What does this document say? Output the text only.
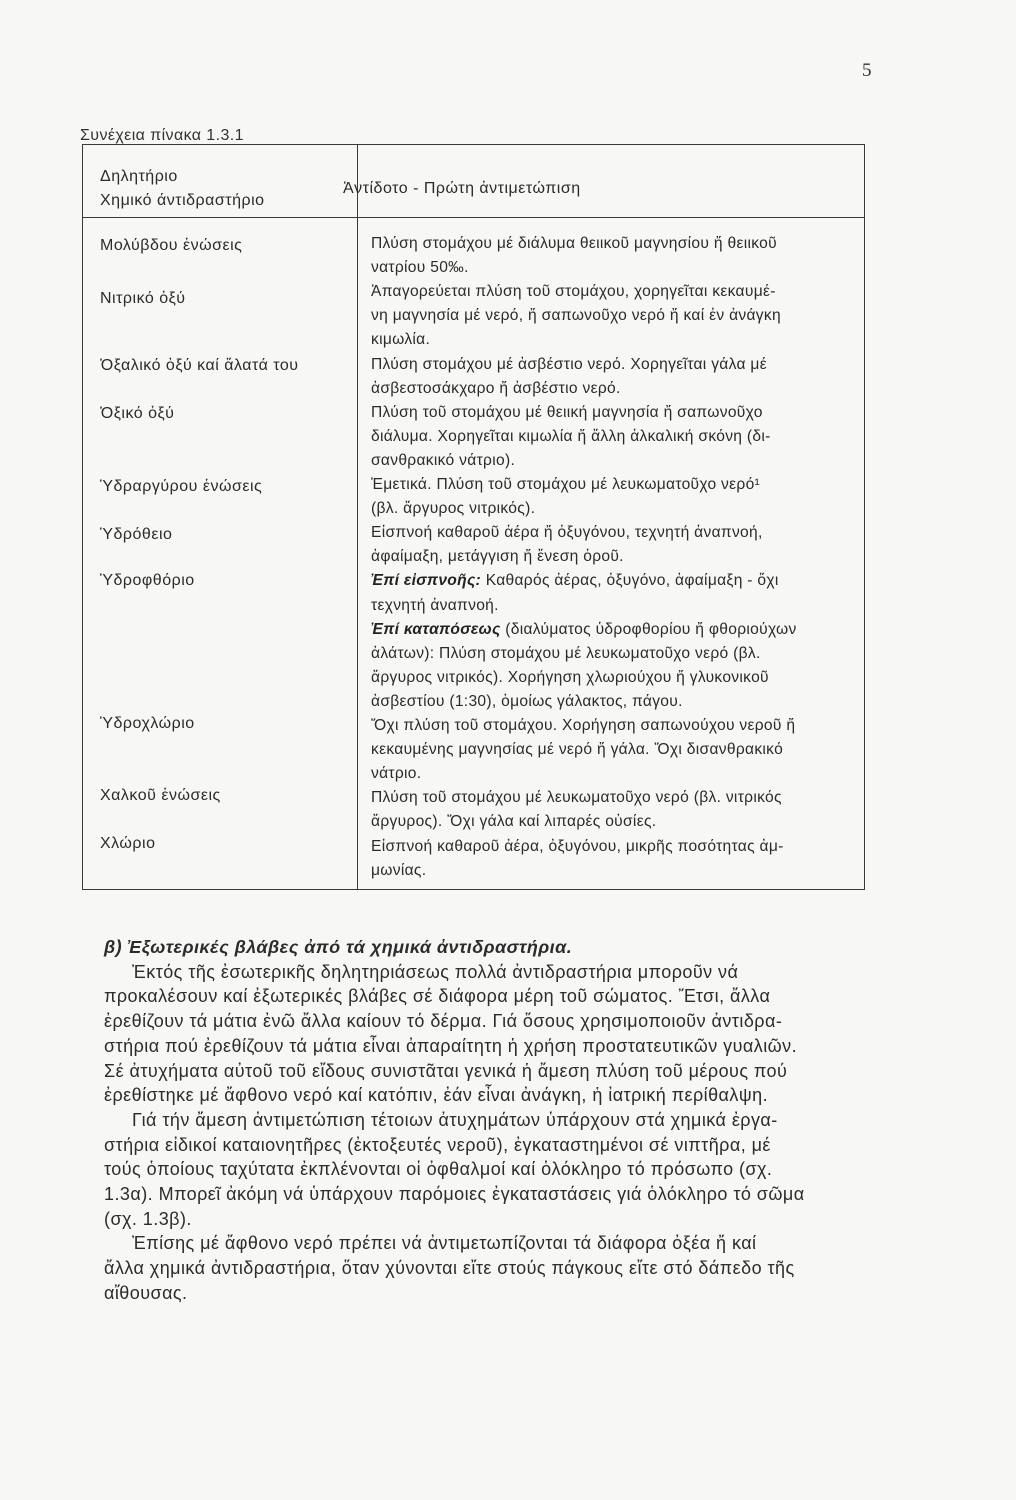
5
Συνέχεια πίνακα 1.3.1
Δηλητήριο
Χημικό άντιδραστήριο
Ἀντίδοτο - Πρώτη ἀντιμετώπιση
Μολύβδου ἑνώσεις
Νιτρικό ὀξύ
Ὀξαλικό ὀξύ καί ἅλατά του
Ὀξικό ὀξύ
Ὑδραργύρου ἑνώσεις
Ὑδρόθειο
Ὑδροφθόριο
Ὑδροχλώριο
Χαλκοῦ ἑνώσεις
Χλώριο
Πλύση στομάχου μέ διάλυμα θειικοῦ μαγνησίου ἤ θειικοῦ
νατρίου 50‰.
Ἀπαγορεύεται πλύση τοῦ στομάχου, χορηγεῖται κεκαυμέ-
νη μαγνησία μέ νερό, ἤ σαπωνοῦχο νερό ἤ καί ἐν ἀνάγκη
κιμωλία.
Πλύση στομάχου μέ ἀσβέστιο νερό. Χορηγεῖται γάλα μέ
ἀσβεστοσάκχαρο ἤ ἀσβέστιο νερό.
Πλύση τοῦ στομάχου μέ θειική μαγνησία ἤ σαπωνοῦχο
διάλυμα. Χορηγεῖται κιμωλία ἤ ἄλλη ἀλκαλική σκόνη (δι-
σανθρακικό νάτριο).
Ἐμετικά. Πλύση τοῦ στομάχου μέ λευκωματοῦχο νερό¹
(βλ. ἄργυρος νιτρικός).
Εἰσπνοή καθαροῦ ἀέρα ἤ ὀξυγόνου, τεχνητή ἀναπνοή,
ἀφαίμαξη, μετάγγιση ἤ ἔνεση ὀροῦ.
Ἐπί εἰσπνοῆς: Καθαρός ἀέρας, ὀξυγόνο, ἀφαίμαξη - ὄχι
τεχνητή ἀναπνοή.
Ἐπί καταπόσεως (διαλύματος ὑδροφθορίου ἤ φθοριούχων
ἀλάτων): Πλύση στομάχου μέ λευκωματοῦχο νερό (βλ.
ἄργυρος νιτρικός). Χορήγηση χλωριούχου ἤ γλυκονικοῦ
ἀσβεστίου (1:30), ὁμοίως γάλακτος, πάγου.
Ὄχι πλύση τοῦ στομάχου. Χορήγηση σαπωνούχου νεροῦ ἤ
κεκαυμένης μαγνησίας μέ νερό ἤ γάλα. Ὄχι δισανθρακικό
νάτριο.
Πλύση τοῦ στομάχου μέ λευκωματοῦχο νερό (βλ. νιτρικός
ἄργυρος). Ὄχι γάλα καί λιπαρές οὐσίες.
Εἰσπνοή καθαροῦ ἀέρα, ὀξυγόνου, μικρῆς ποσότητας ἀμ-
μωνίας.
β) Ἐξωτερικές βλάβες ἀπό τά χημικά ἀντιδραστήρια.
Ἐκτός τῆς ἐσωτερικῆς δηλητηριάσεως πολλά ἀντιδραστήρια μποροῦν νά
προκαλέσουν καί ἐξωτερικές βλάβες σέ διάφορα μέρη τοῦ σώματος. Ἔτσι, ἄλλα
ἐρεθίζουν τά μάτια ἐνῶ ἄλλα καίουν τό δέρμα. Γιά ὅσους χρησιμοποιοῦν ἀντιδρα-
στήρια πού ἐρεθίζουν τά μάτια εἶναι ἀπαραίτητη ἡ χρήση προστατευτικῶν γυαλιῶν.
Σέ ἀτυχήματα αὐτοῦ τοῦ εἴδους συνιστᾶται γενικά ἡ ἄμεση πλύση τοῦ μέρους πού
ἐρεθίστηκε μέ ἄφθονο νερό καί κατόπιν, ἐάν εἶναι ἀνάγκη, ἡ ἰατρική περίθαλψη.
Γιά τήν ἄμεση ἀντιμετώπιση τέτοιων ἀτυχημάτων ὑπάρχουν στά χημικά ἐργα-
στήρια εἰδικοί καταιονητῆρες (ἐκτοξευτές νεροῦ), ἐγκαταστημένοι σέ νιπτῆρα, μέ
τούς ὁποίους ταχύτατα ἐκπλένονται οἱ ὀφθαλμοί καί ὁλόκληρο τό πρόσωπο (σχ.
1.3α). Μπορεῖ ἀκόμη νά ὑπάρχουν παρόμοιες ἐγκαταστάσεις γιά ὁλόκληρο τό σῶμα
(σχ. 1.3β).
Ἐπίσης μέ ἄφθονο νερό πρέπει νά ἀντιμετωπίζονται τά διάφορα ὀξέα ἤ καί
ἄλλα χημικά ἀντιδραστήρια, ὅταν χύνονται εἴτε στούς πάγκους εἴτε στό δάπεδο τῆς
αἴθουσας.
